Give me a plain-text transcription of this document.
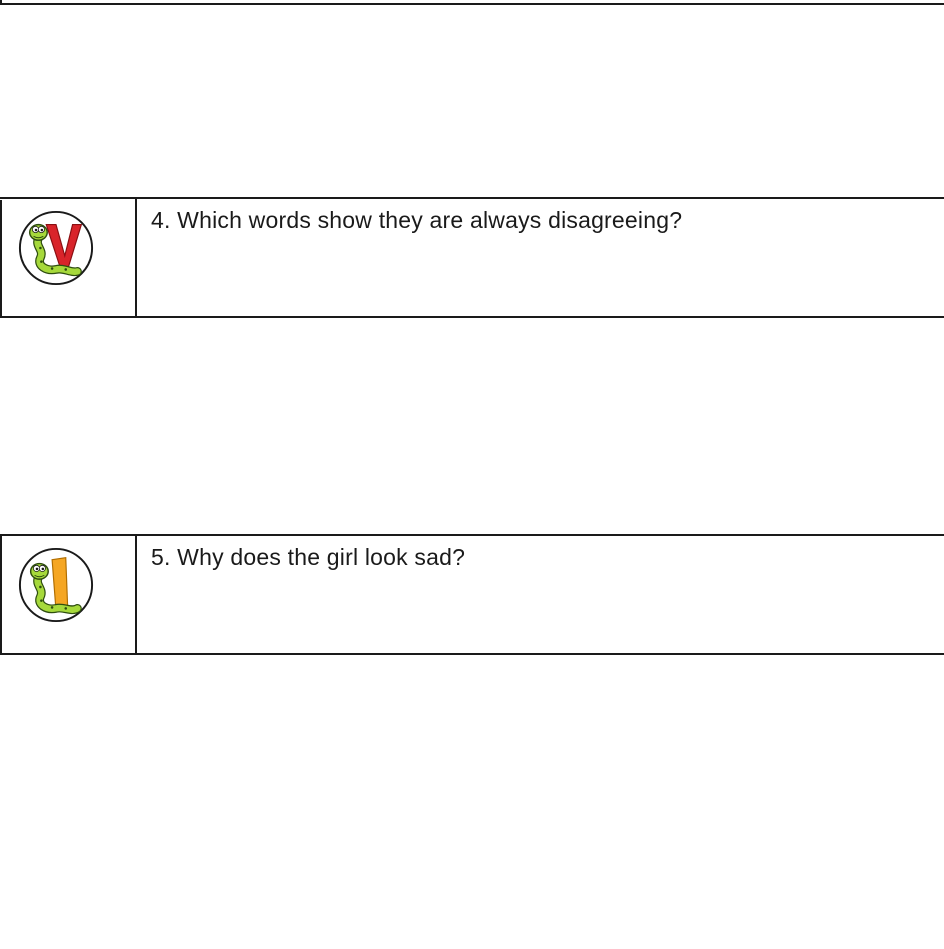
4. Which words show they are always disagreeing?
5. Why does the girl look sad?
